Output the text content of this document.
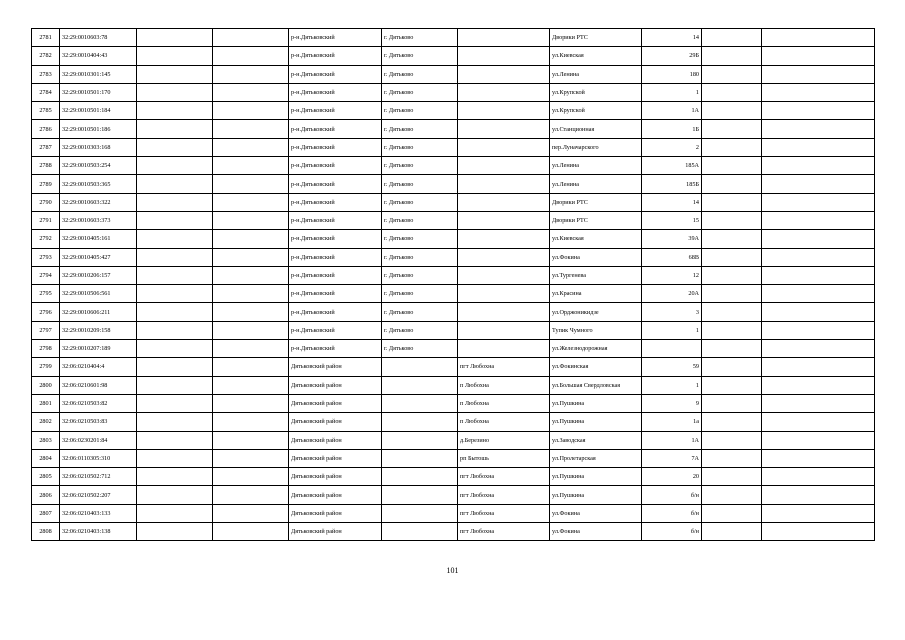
2781	32:29:0010603:78			р-н.Дятьковский	г. Дятьково		Дворики РТС	14		
2782	32:29:0010404:43			р-н.Дятьковский	г. Дятьково		ул.Киевская	29Б		
2783	32:29:0010301:145			р-н.Дятьковский	г. Дятьково		ул.Ленина	180		
2784	32:29:0010501:170			р-н.Дятьковский	г. Дятьково		ул.Крупской	1		
2785	32:29:0010501:184			р-н.Дятьковский	г. Дятьково		ул.Крупской	1А		
2786	32:29:0010501:186			р-н.Дятьковский	г. Дятьково		ул.Станционная	1Б		
2787	32:29:0010303:168			р-н.Дятьковский	г. Дятьково		пер.Луначарского	2		
2788	32:29:0010503:254			р-н.Дятьковский	г. Дятьково		ул.Ленина	185А		
2789	32:29:0010503:365			р-н.Дятьковский	г. Дятьково		ул.Ленина	185Б		
2790	32:29:0010603:322			р-н.Дятьковский	г. Дятьково		Дворики РТС	14		
2791	32:29:0010603:373			р-н.Дятьковский	г. Дятьково		Дворики РТС	15		
2792	32:29:0010405:161			р-н.Дятьковский	г. Дятьково		ул.Киевская	39А		
2793	32:29:0010405:427			р-н.Дятьковский	г. Дятьково		ул.Фокина	68В		
2794	32:29:0010206:157			р-н.Дятьковский	г. Дятьково		ул.Тургенева	12		
2795	32:29:0010506:561			р-н.Дятьковский	г. Дятьково		ул.Красина	20А		
2796	32:29:0010606:211			р-н.Дятьковский	г. Дятьково		ул.Орджоникидзе	3		
2797	32:29:0010209:158			р-н.Дятьковский	г. Дятьково		Тупик Чумного	1		
2798	32:29:0010207:189			р-н.Дятьковский	г. Дятьково		ул.Железнодорожная			
2799	32:06:0210404:4			Дятьковский район		пгт Любохна	ул.Фокинская	59		
2800	32:06:0210601:98			Дятьковский район		п Любохна	ул.Большая Свердловская	1		
2801	32:06:0210503:82			Дятьковский район		п Любохна	ул.Пушкина	9		
2802	32:06:0210503:83			Дятьковский район		п Любохна	ул.Пушкина	1а		
2803	32:06:0230201:84			Дятьковский район		д.Березино	ул.Заводская	1А		
2804	32:06:0110305:310			Дятьковский район		рп Бытошь	ул.Пролетарская	7А		
2805	32:06:0210502:712			Дятьковский район		пгт Любохна	ул.Пушкина	20		
2806	32:06:0210502:207			Дятьковский район		пгт Любохна	ул.Пушкина	б/н		
2807	32:06:0210403:133			Дятьковский район		пгт Любохна	ул.Фокина	б/н		
2808	32:06:0210403:138			Дятьковский район		пгт Любохна	ул.Фокина	б/н		
101
